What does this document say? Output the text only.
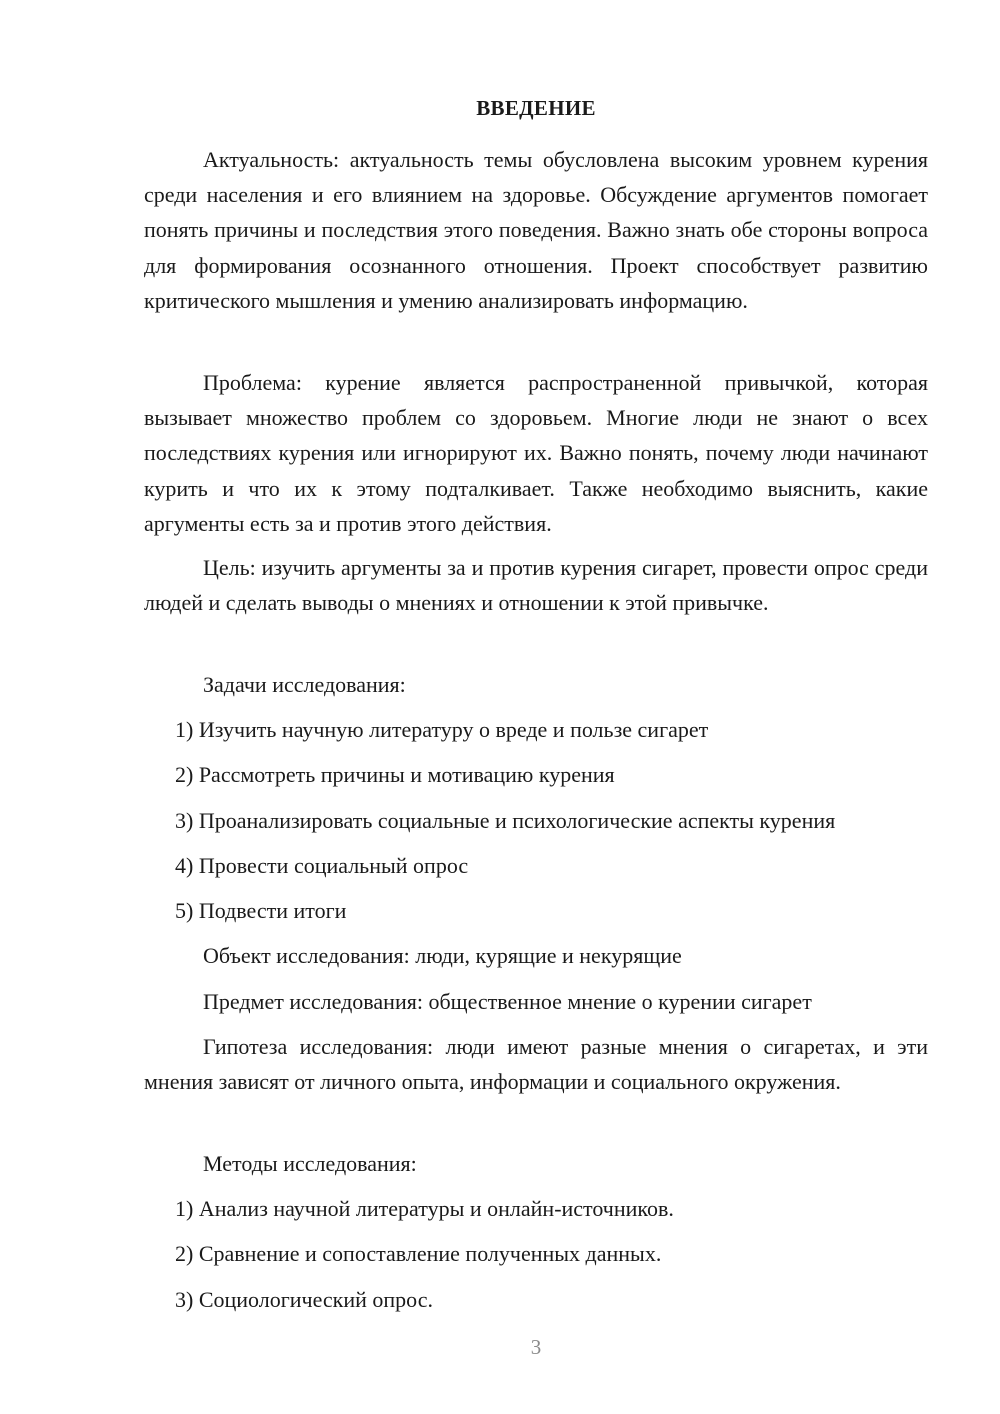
ВВЕДЕНИЕ

Актуальность: актуальность темы обусловлена высоким уровнем курения среди населения и его влиянием на здоровье. Обсуждение аргументов помогает понять причины и последствия этого поведения. Важно знать обе стороны вопроса для формирования осознанного отношения. Проект способствует развитию критического мышления и умению анализировать информацию.

Проблема: курение является распространенной привычкой, которая вызывает множество проблем со здоровьем. Многие люди не знают о всех последствиях курения или игнорируют их. Важно понять, почему люди начинают курить и что их к этому подталкивает. Также необходимо выяснить, какие аргументы есть за и против этого действия.

Цель: изучить аргументы за и против курения сигарет, провести опрос среди людей и сделать выводы о мнениях и отношении к этой привычке.

Задачи исследования:

1) Изучить научную литературу о вреде и пользе сигарет

2) Рассмотреть причины и мотивацию курения

3) Проанализировать социальные и психологические аспекты курения

4) Провести социальный опрос

5) Подвести итоги

Объект исследования: люди, курящие и некурящие

Предмет исследования: общественное мнение о курении сигарет

Гипотеза исследования: люди имеют разные мнения о сигаретах, и эти мнения зависят от личного опыта, информации и социального окружения.

Методы исследования:

1) Анализ научной литературы и онлайн-источников.

2) Сравнение и сопоставление полученных данных.

3) Социологический опрос.

3
